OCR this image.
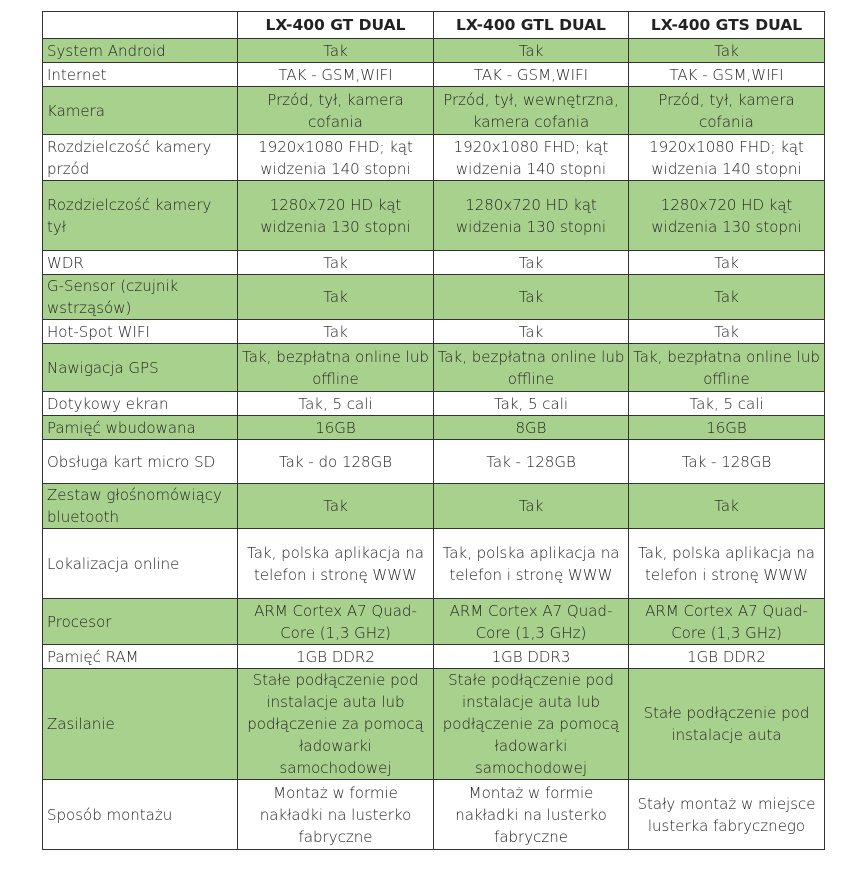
	LX-400 GT DUAL	LX-400 GTL DUAL	LX-400 GTS DUAL
System Android	Tak	Tak	Tak
Internet	TAK - GSM,WIFI	TAK - GSM,WIFI	TAK - GSM,WIFI
Kamera	Przód, tył, kamera cofania	Przód, tył, wewnętrzna, kamera cofania	Przód, tył, kamera cofania
Rozdzielczość kamery przód	1920x1080 FHD; kąt widzenia 140 stopni	1920x1080 FHD; kąt widzenia 140 stopni	1920x1080 FHD; kąt widzenia 140 stopni
Rozdzielczość kamery tył	1280x720 HD kąt widzenia 130 stopni	1280x720 HD kąt widzenia 130 stopni	1280x720 HD kąt widzenia 130 stopni
WDR	Tak	Tak	Tak
G-Sensor (czujnik wstrząsów)	Tak	Tak	Tak
Hot-Spot WIFI	Tak	Tak	Tak
Nawigacja GPS	Tak, bezpłatna online lub offline	Tak, bezpłatna online lub offline	Tak, bezpłatna online lub offline
Dotykowy ekran	Tak, 5 cali	Tak, 5 cali	Tak, 5 cali
Pamięć wbudowana	16GB	8GB	16GB
Obsługa kart micro SD	Tak - do 128GB	Tak - 128GB	Tak - 128GB
Zestaw głośnomówiący bluetooth	Tak	Tak	Tak
Lokalizacja online	Tak, polska aplikacja na telefon i stronę WWW	Tak, polska aplikacja na telefon i stronę WWW	Tak, polska aplikacja na telefon i stronę WWW
Procesor	ARM Cortex A7 Quad-Core (1,3 GHz)	ARM Cortex A7 Quad-Core (1,3 GHz)	ARM Cortex A7 Quad-Core (1,3 GHz)
Pamięć RAM	1GB DDR2	1GB DDR3	1GB DDR2
Zasilanie	Stałe podłączenie pod instalacje auta lub podłączenie za pomocą ładowarki samochodowej	Stałe podłączenie pod instalacje auta lub podłączenie za pomocą ładowarki samochodowej	Stałe podłączenie pod instalacje auta
Sposób montażu	Montaż w formie nakładki na lusterko fabryczne	Montaż w formie nakładki na lusterko fabryczne	Stały montaż w miejsce lusterka fabrycznego
